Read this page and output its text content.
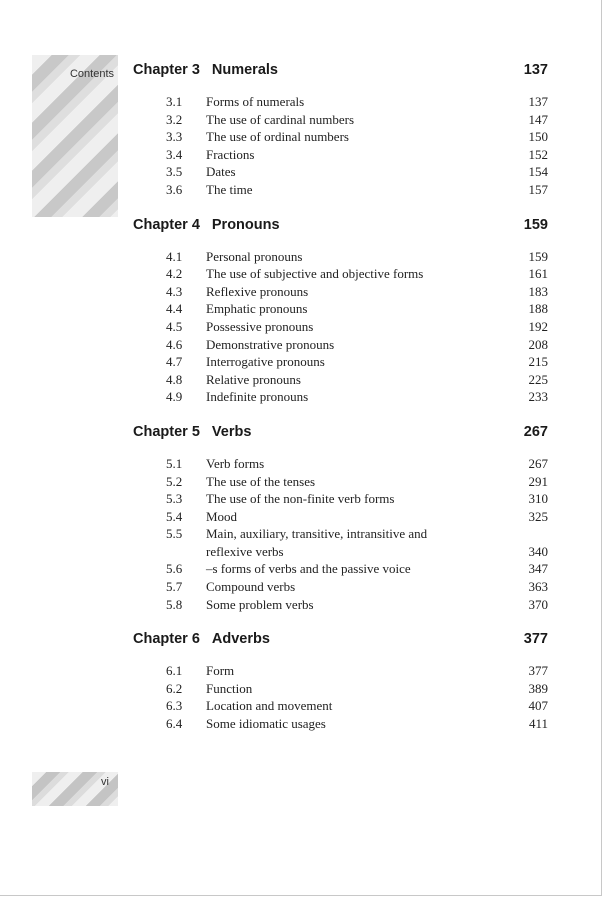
Contents
vi
Chapter 3 Numerals	137
3.1	Forms of numerals	137
3.2	The use of cardinal numbers	147
3.3	The use of ordinal numbers	150
3.4	Fractions	152
3.5	Dates	154
3.6	The time	157
Chapter 4 Pronouns	159
4.1	Personal pronouns	159
4.2	The use of subjective and objective forms	161
4.3	Reflexive pronouns	183
4.4	Emphatic pronouns	188
4.5	Possessive pronouns	192
4.6	Demonstrative pronouns	208
4.7	Interrogative pronouns	215
4.8	Relative pronouns	225
4.9	Indefinite pronouns	233
Chapter 5 Verbs	267
5.1	Verb forms	267
5.2	The use of the tenses	291
5.3	The use of the non-finite verb forms	310
5.4	Mood	325
5.5	Main, auxiliary, transitive, intransitive and
reflexive verbs	340
5.6	–s forms of verbs and the passive voice	347
5.7	Compound verbs	363
5.8	Some problem verbs	370
Chapter 6 Adverbs	377
6.1	Form	377
6.2	Function	389
6.3	Location and movement	407
6.4	Some idiomatic usages	411
